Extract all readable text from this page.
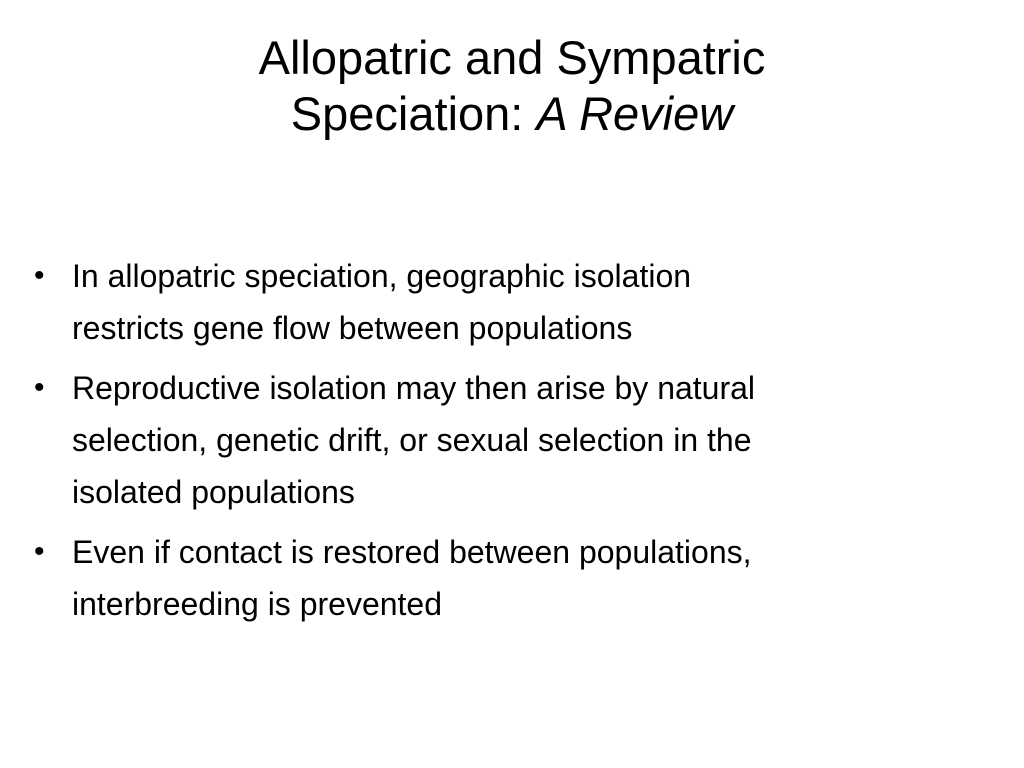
Allopatric and Sympatric
Speciation: A Review
• In allopatric speciation, geographic isolation
restricts gene flow between populations
• Reproductive isolation may then arise by natural
selection, genetic drift, or sexual selection in the
isolated populations
• Even if contact is restored between populations,
interbreeding is prevented
